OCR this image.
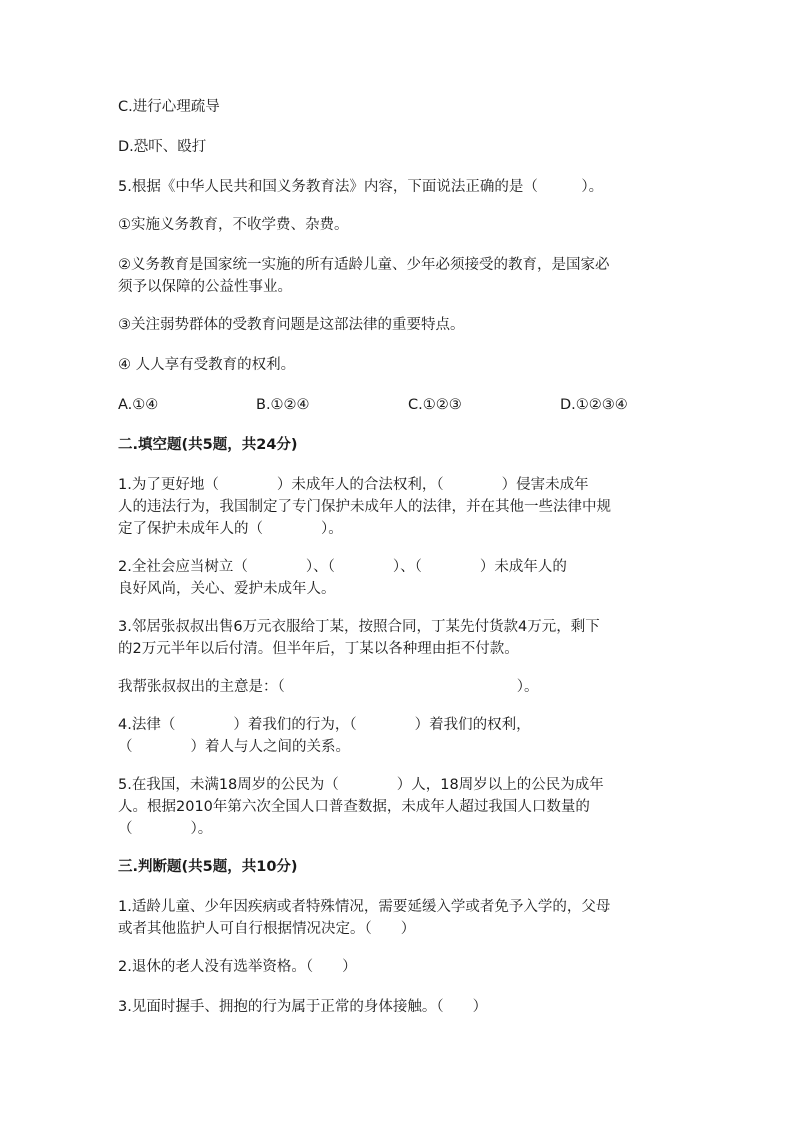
C.进行心理疏导
D.恐吓、殴打
5.根据《中华人民共和国义务教育法》内容，下面说法正确的是（　　　）。
①实施义务教育，不收学费、杂费。
②义务教育是国家统一实施的所有适龄儿童、少年必须接受的教育，是国家必
须予以保障的公益性事业。
③关注弱势群体的受教育问题是这部法律的重要特点。
④ 人人享有受教育的权利。
A.①④	B.①②④	C.①②③	D.①②③④
二.填空题(共5题，共24分)
1.为了更好地（　　　　）未成年人的合法权利，（　　　　）侵害未成年
人的违法行为，我国制定了专门保护未成年人的法律，并在其他一些法律中规
定了保护未成年人的（　　　　）。
2.全社会应当树立（　　　　）、（　　　　）、（　　　　）未成年人的
良好风尚，关心、爱护未成年人。
3.邻居张叔叔出售6万元衣服给丁某，按照合同，丁某先付货款4万元，剩下
的2万元半年以后付清。但半年后，丁某以各种理由拒不付款。
我帮张叔叔出的主意是：（　　　　　　　　　　　　　　　　）。
4.法律（　　　　）着我们的行为，（　　　　）着我们的权利，
（　　　　）着人与人之间的关系。
5.在我国，未满18周岁的公民为（　　　　）人，18周岁以上的公民为成年
人。根据2010年第六次全国人口普查数据，未成年人超过我国人口数量的
（　　　　）。
三.判断题(共5题，共10分)
1.适龄儿童、少年因疾病或者特殊情况，需要延缓入学或者免予入学的，父母
或者其他监护人可自行根据情况决定。（　　）
2.退休的老人没有选举资格。（　　）
3.见面时握手、拥抱的行为属于正常的身体接触。（　　）
